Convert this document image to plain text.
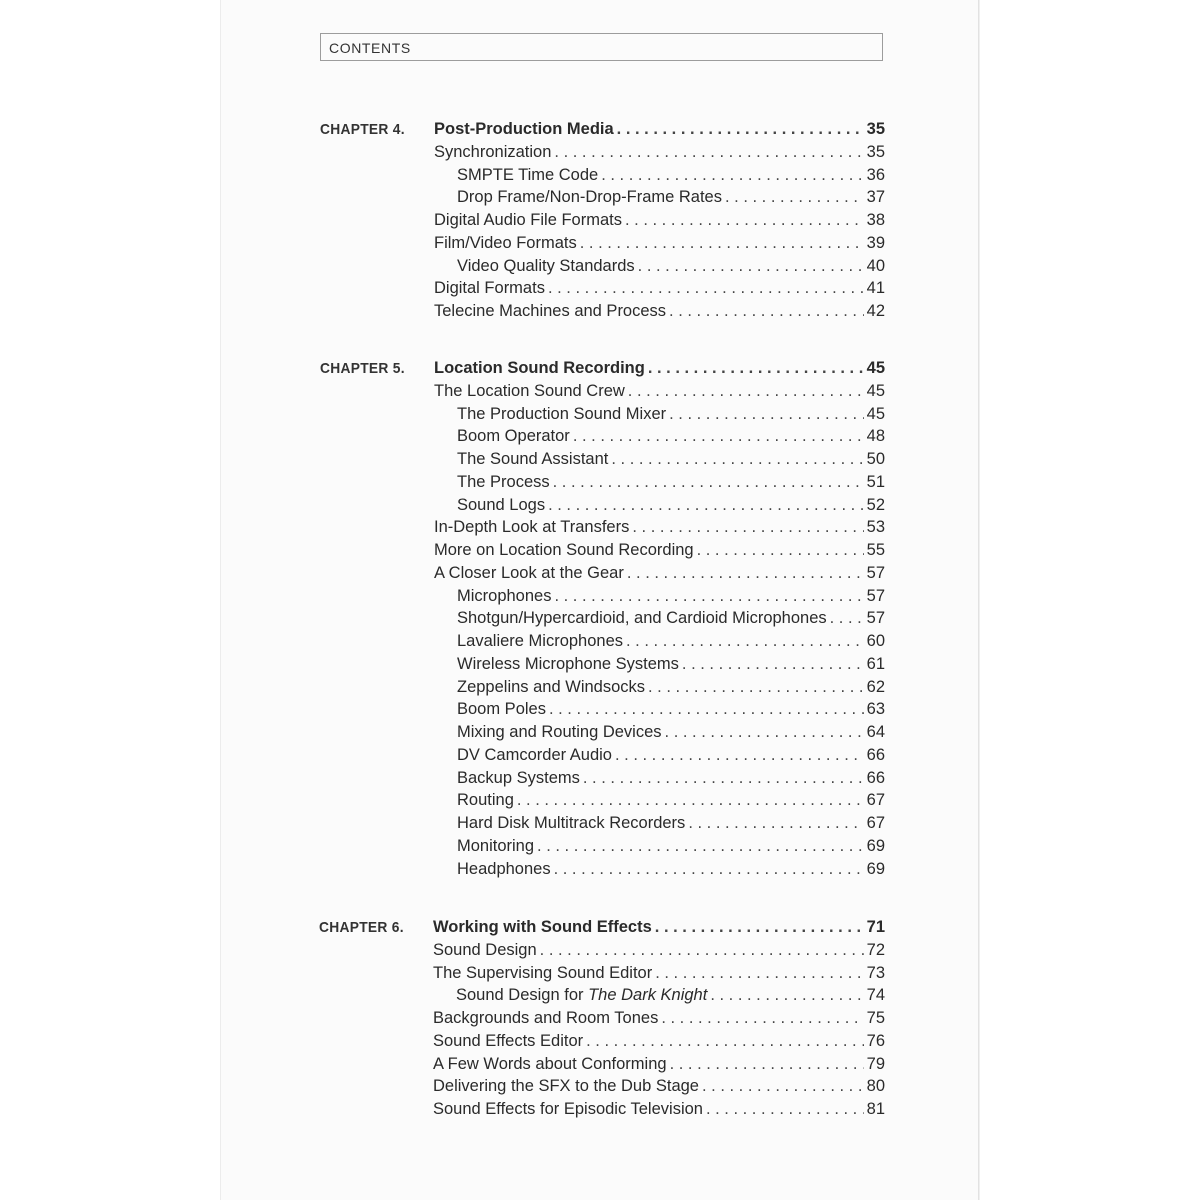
CONTENTS
CHAPTER 4. Post-Production Media . . .	35
Synchronization . . .	35
SMPTE Time Code . . .	36
Drop Frame/Non-Drop-Frame Rates . . .	37
Digital Audio File Formats . . .	38
Film/Video Formats . . .	39
Video Quality Standards . . .	40
Digital Formats . . .	41
Telecine Machines and Process . . .	42
CHAPTER 5. Location Sound Recording . . .	45
The Location Sound Crew . . .	45
The Production Sound Mixer . . .	45
Boom Operator . . .	48
The Sound Assistant . . .	50
The Process . . .	51
Sound Logs . . .	52
In-Depth Look at Transfers . . .	53
More on Location Sound Recording . . .	55
A Closer Look at the Gear . . .	57
Microphones . . .	57
Shotgun/Hypercardioid, and Cardioid Microphones . . . 57
Lavaliere Microphones . . .	60
Wireless Microphone Systems . . .	61
Zeppelins and Windsocks . . .	62
Boom Poles . . .	63
Mixing and Routing Devices . . .	64
DV Camcorder Audio . . .	66
Backup Systems . . .	66
Routing . . .	67
Hard Disk Multitrack Recorders . . .	67
Monitoring . . .	69
Headphones . . .	69
CHAPTER 6. Working with Sound Effects . . .	71
Sound Design . . .	72
The Supervising Sound Editor . . .	73
Sound Design for The Dark Knight . . .	74
Backgrounds and Room Tones . . .	75
Sound Effects Editor . . .	76
A Few Words about Conforming . . .	79
Delivering the SFX to the Dub Stage . . .	80
Sound Effects for Episodic Television . . .	81
